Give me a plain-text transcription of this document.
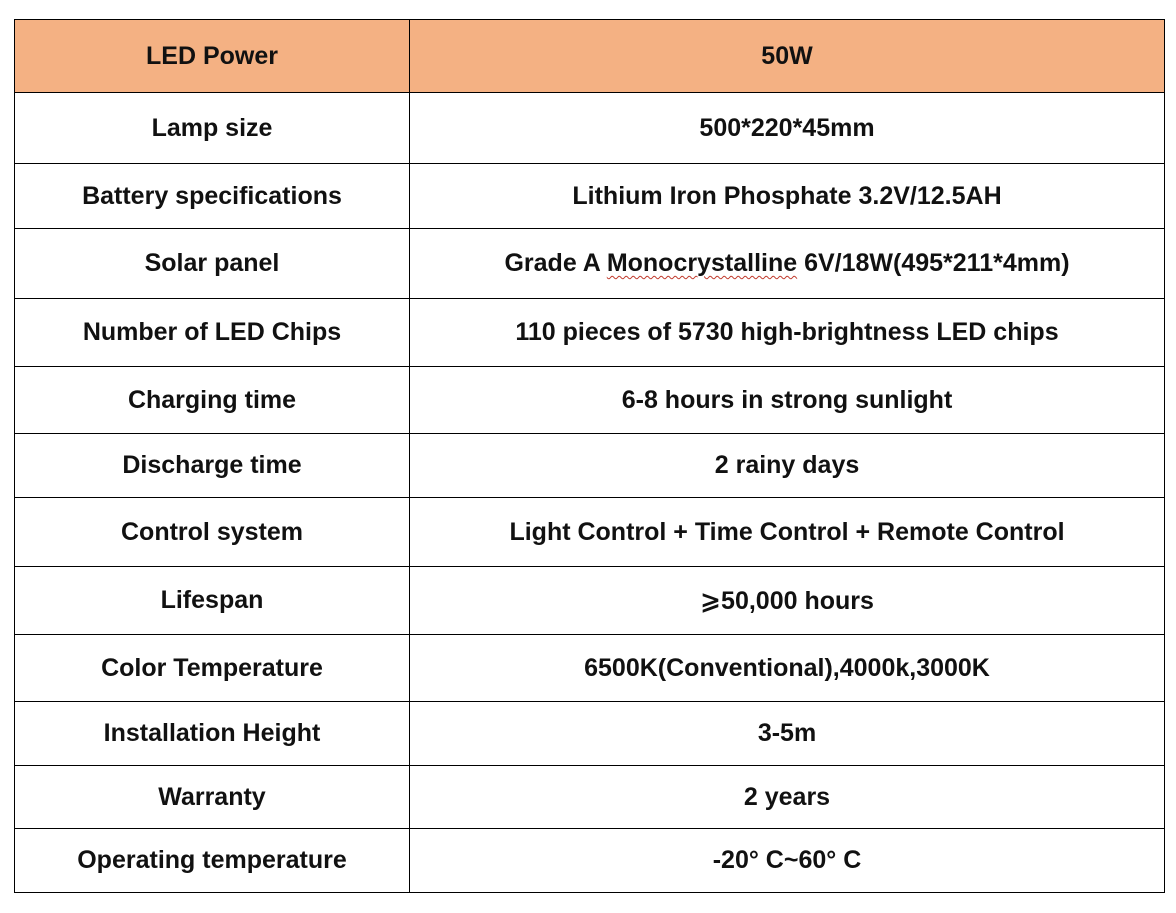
LED Power	50W
Lamp size	500*220*45mm
Battery specifications	Lithium Iron Phosphate 3.2V/12.5AH
Solar panel	Grade A Monocrystalline 6V/18W(495*211*4mm)
Number of LED Chips	110 pieces of 5730 high-brightness LED chips
Charging time	6-8 hours in strong sunlight
Discharge time	2 rainy days
Control system	Light Control + Time Control + Remote Control
Lifespan	⩾50,000 hours
Color Temperature	6500K(Conventional),4000k,3000K
Installation Height	3-5m
Warranty	2 years
Operating temperature	-20° C~60° C
